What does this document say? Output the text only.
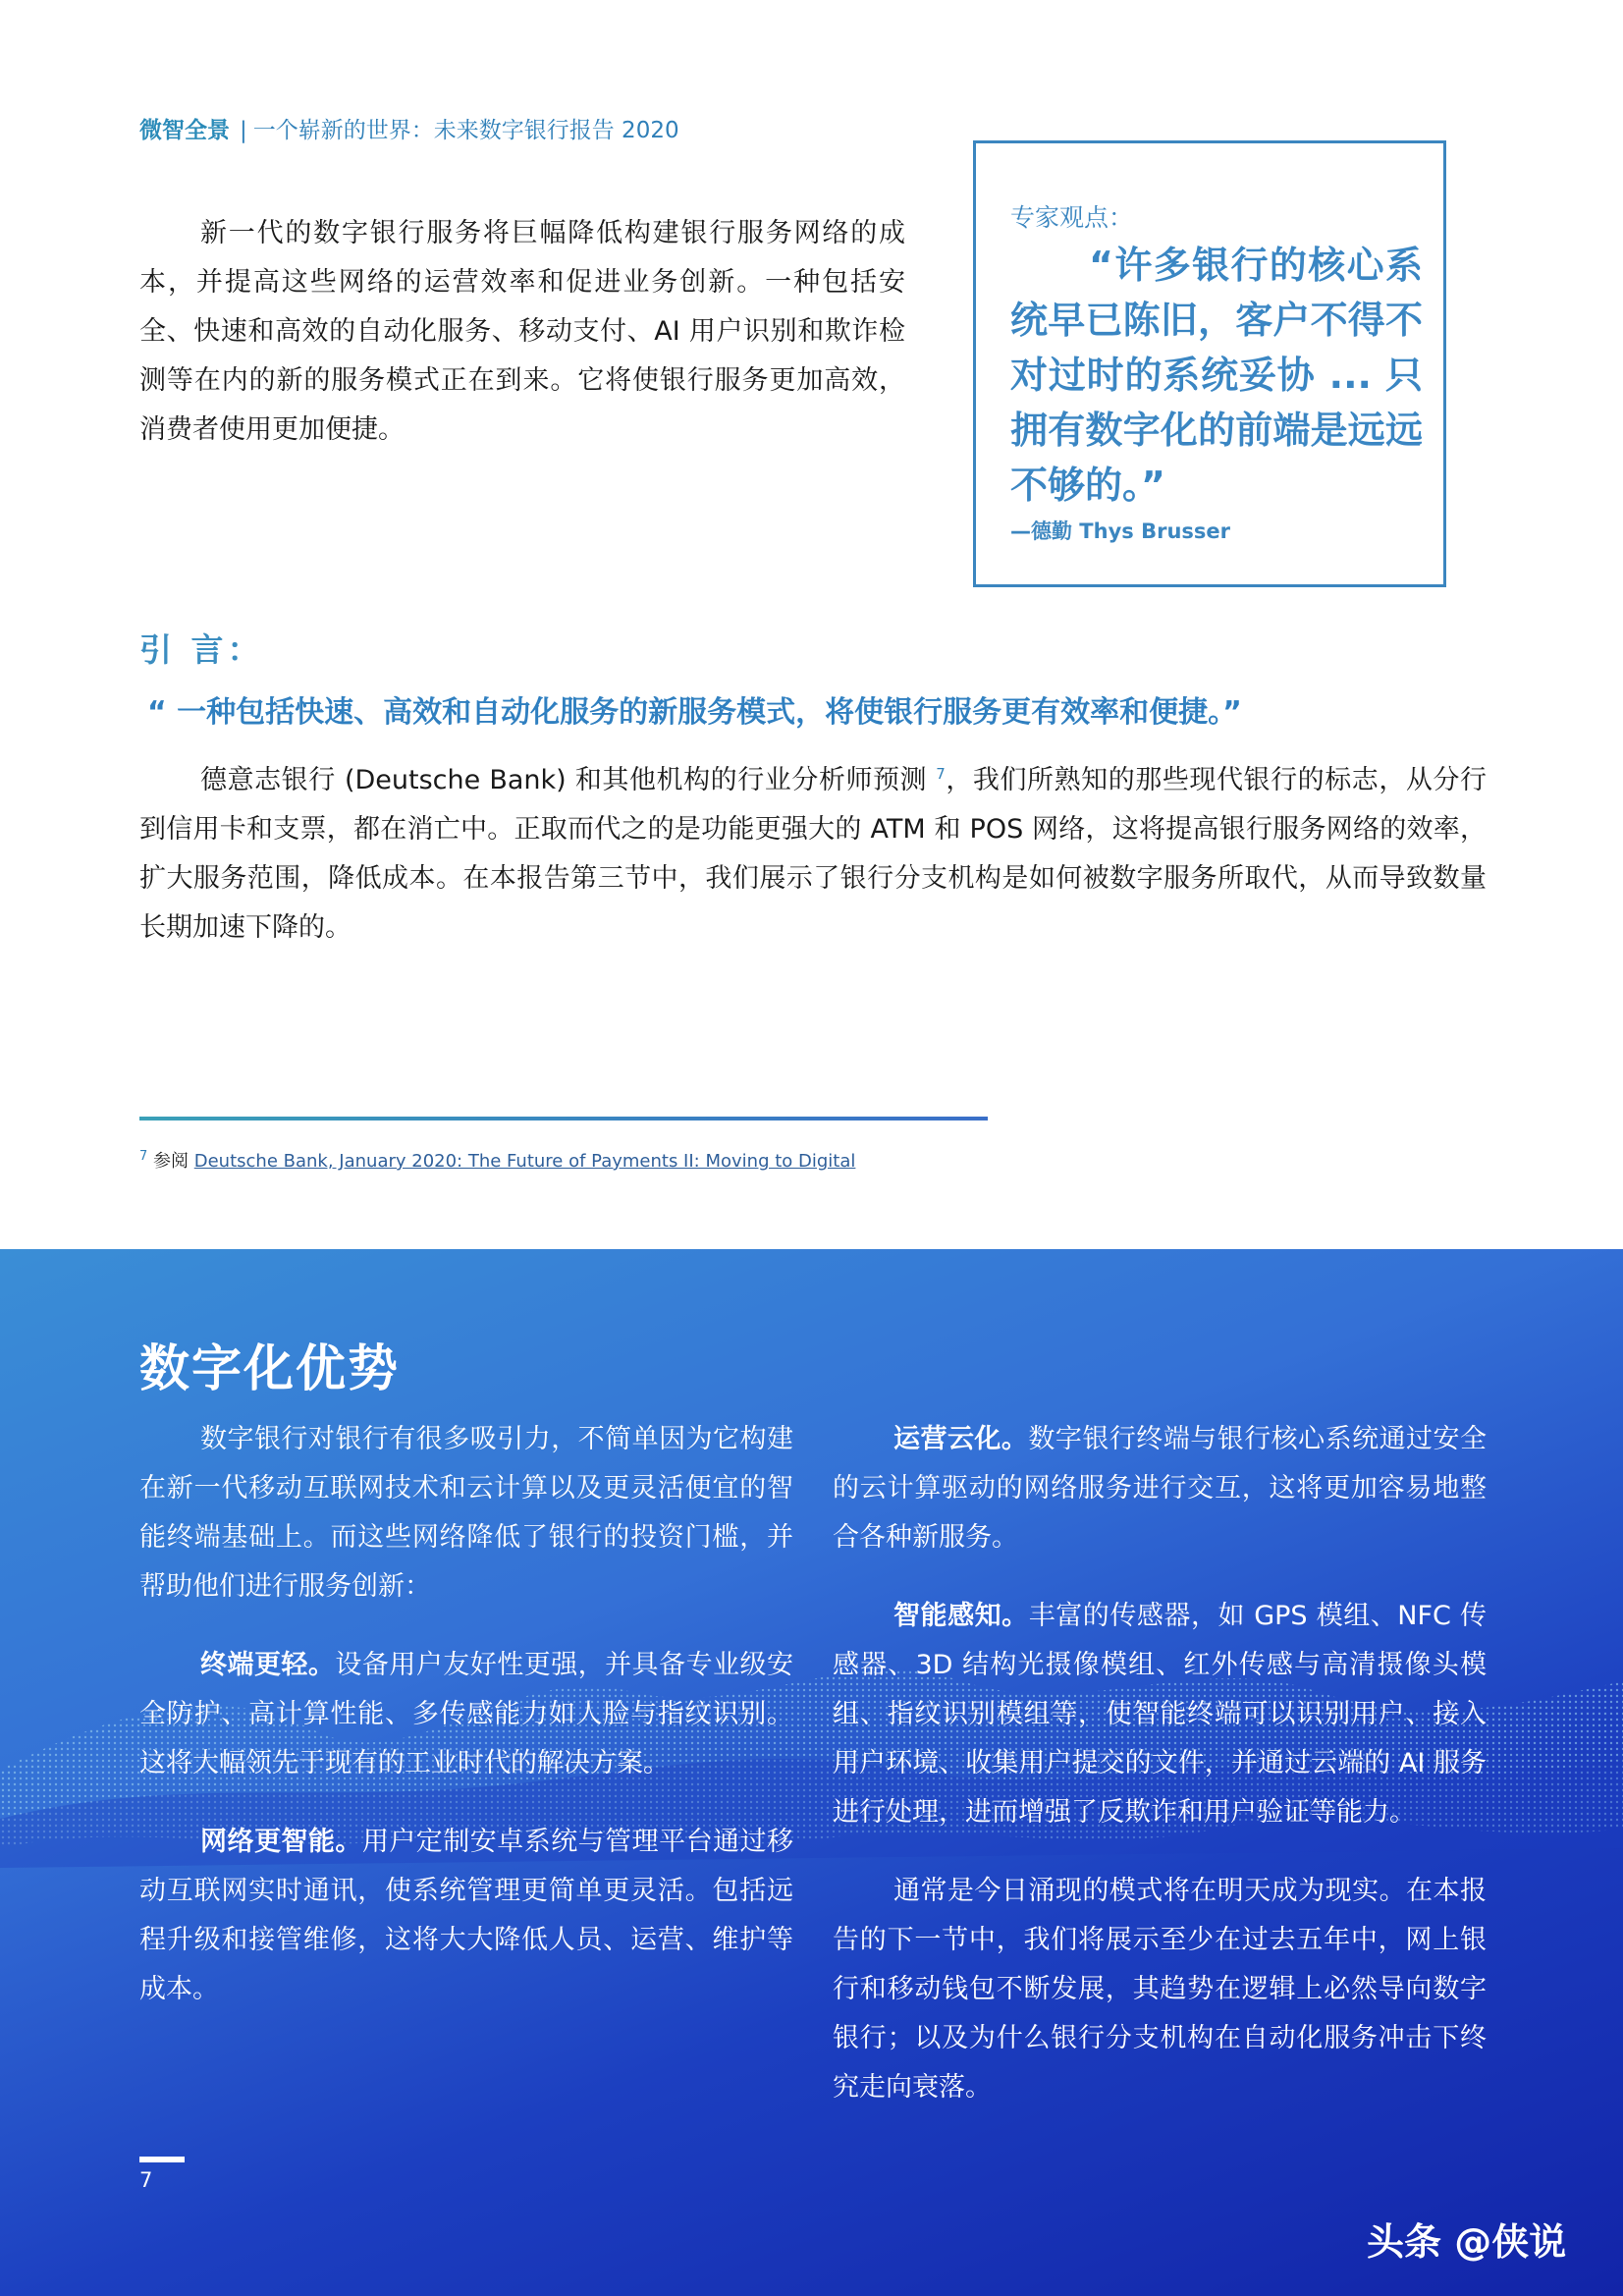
微智全景 | 一个崭新的世界：未来数字银行报告 2020
新一代的数字银行服务将巨幅降低构建银行服务网络的成本，并提高这些网络的运营效率和促进业务创新。一种包括安全、快速和高效的自动化服务、移动支付、AI 用户识别和欺诈检测等在内的新的服务模式正在到来。它将使银行服务更加高效，消费者使用更加便捷。
专家观点：
“许多银行的核心系统早已陈旧，客户不得不对过时的系统妥协 ... 只拥有数字化的前端是远远不够的。”
—德勤 Thys Brusser
引 言：
“ 一种包括快速、高效和自动化服务的新服务模式，将使银行服务更有效率和便捷。”
德意志银行 (Deutsche Bank) 和其他机构的行业分析师预测 $^7$，我们所熟知的那些现代银行的标志，从分行到信用卡和支票，都在消亡中。正取而代之的是功能更强大的 ATM 和 POS 网络，这将提高银行服务网络的效率，扩大服务范围，降低成本。在本报告第三节中，我们展示了银行分支机构是如何被数字服务所取代，从而导致数量长期加速下降的。
$^7$ 参阅 Deutsche Bank, January 2020: The Future of Payments II: Moving to Digital
数字化优势

数字银行对银行有很多吸引力，不简单因为它构建在新一代移动互联网技术和云计算以及更灵活便宜的智能终端基础上。而这些网络降低了银行的投资门槛，并帮助他们进行服务创新：

终端更轻。设备用户友好性更强，并具备专业级安全防护、高计算性能、多传感能力如人脸与指纹识别。这将大幅领先于现有的工业时代的解决方案。

网络更智能。用户定制安卓系统与管理平台通过移动互联网实时通讯，使系统管理更简单更灵活。包括远程升级和接管维修，这将大大降低人员、运营、维护等成本。

运营云化。数字银行终端与银行核心系统通过安全的云计算驱动的网络服务进行交互，这将更加容易地整合各种新服务。

智能感知。丰富的传感器，如 GPS 模组、NFC 传感器、3D 结构光摄像模组、红外传感与高清摄像头模组、指纹识别模组等，使智能终端可以识别用户、接入用户环境、收集用户提交的文件，并通过云端的 AI 服务进行处理，进而增强了反欺诈和用户验证等能力。

通常是今日涌现的模式将在明天成为现实。在本报告的下一节中，我们将展示至少在过去五年中，网上银行和移动钱包不断发展，其趋势在逻辑上必然导向数字银行；以及为什么银行分支机构在自动化服务冲击下终究走向衰落。

7
头条 @侠说
